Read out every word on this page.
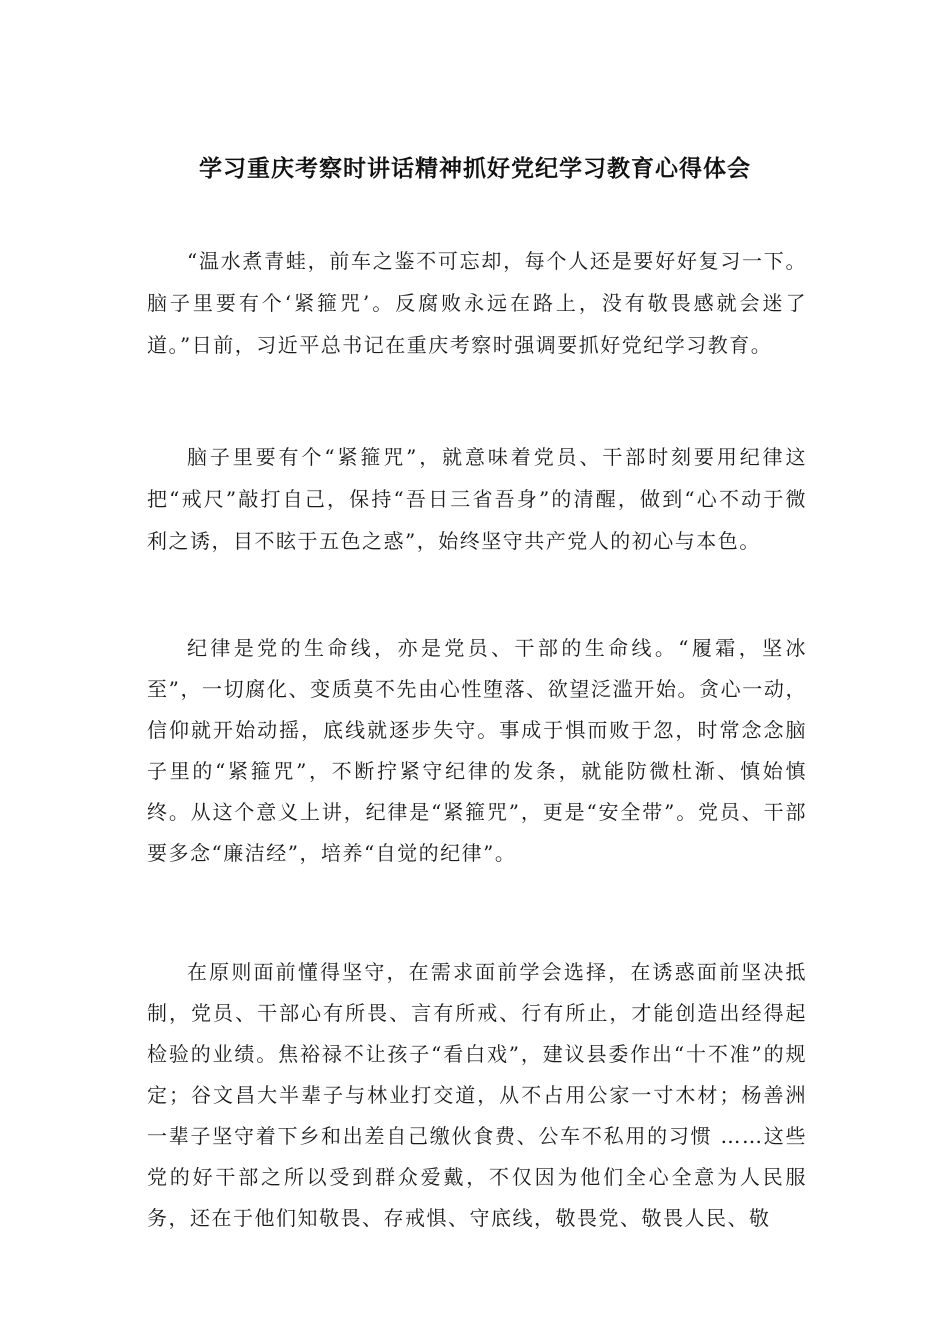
学习重庆考察时讲话精神抓好党纪学习教育心得体会

“温水煮青蛙，前车之鉴不可忘却，每个人还是要好好复习一下。脑子里要有个‘紧箍咒’。反腐败永远在路上，没有敬畏感就会迷了道。”日前，习近平总书记在重庆考察时强调要抓好党纪学习教育。

脑子里要有个“紧箍咒”，就意味着党员、干部时刻要用纪律这把“戒尺”敲打自己，保持“吾日三省吾身”的清醒，做到“心不动于微利之诱，目不眩于五色之惑”，始终坚守共产党人的初心与本色。

纪律是党的生命线，亦是党员、干部的生命线。“履霜，坚冰至”，一切腐化、变质莫不先由心性堕落、欲望泛滥开始。贪心一动，信仰就开始动摇，底线就逐步失守。事成于惧而败于忽，时常念念脑子里的“紧箍咒”，不断拧紧守纪律的发条，就能防微杜渐、慎始慎终。从这个意义上讲，纪律是“紧箍咒”，更是“安全带”。党员、干部要多念“廉洁经”，培养“自觉的纪律”。

在原则面前懂得坚守，在需求面前学会选择，在诱惑面前坚决抵制，党员、干部心有所畏、言有所戒、行有所止，才能创造出经得起检验的业绩。焦裕禄不让孩子“看白戏”，建议县委作出“十不准”的规定；谷文昌大半辈子与林业打交道，从不占用公家一寸木材；杨善洲一辈子坚守着下乡和出差自己缴伙食费、公车不私用的习惯 ……这些党的好干部之所以受到群众爱戴，不仅因为他们全心全意为人民服务，还在于他们知敬畏、存戒惧、守底线，敬畏党、敬畏人民、敬
